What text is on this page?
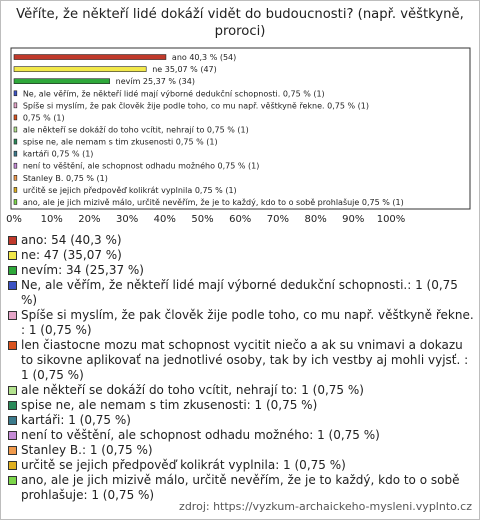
Věříte, že někteří lidé dokáží vidět do budoucnosti? (např. věštkyně, proroci)
ano 40,3 % (54)
ne 35,07 % (47)
nevím 25,37 % (34)
Ne, ale věřím, že někteří lidé mají výborné dedukční schopnosti. 0,75 % (1)
Spíše si myslím, že pak člověk žije podle toho, co mu např. věštkyně řekne. 0,75 % (1)
0,75 % (1)
ale někteří se dokáží do toho vcítit, nehrají to 0,75 % (1)
spise ne, ale nemam s tim zkusenosti 0,75 % (1)
kartáři 0,75 % (1)
není to věštění, ale schopnost odhadu možného 0,75 % (1)
Stanley B. 0,75 % (1)
určitě se jejich předpověď kolikrát vyplnila 0,75 % (1)
ano, ale je jich mizivě málo, určitě nevěřím, že je to každý, kdo to o sobě prohlašuje 0,75 % (1)
0% 10% 20% 30% 40% 50% 60% 70% 80% 90% 100%
ano: 54 (40,3 %)
ne: 47 (35,07 %)
nevím: 34 (25,37 %)
Ne, ale věřím, že někteří lidé mají výborné dedukční schopnosti.: 1 (0,75 %)
Spíše si myslím, že pak člověk žije podle toho, co mu např. věštkyně řekne. : 1 (0,75 %)
len čiastocne mozu mat schopnost vycitit niečo a ak su vnimavi a dokazu to sikovne aplikovať na jednotlivé osoby, tak by ich vestby aj mohli vyjsť. : 1 (0,75 %)
ale někteří se dokáží do toho vcítit, nehrají to: 1 (0,75 %)
spise ne, ale nemam s tim zkusenosti: 1 (0,75 %)
kartáři: 1 (0,75 %)
není to věštění, ale schopnost odhadu možného: 1 (0,75 %)
Stanley B.: 1 (0,75 %)
určitě se jejich předpověď kolikrát vyplnila: 1 (0,75 %)
ano, ale je jich mizivě málo, určitě nevěřím, že je to každý, kdo to o sobě prohlašuje: 1 (0,75 %)
zdroj: https://vyzkum-archaickeho-mysleni.vyplnto.cz
